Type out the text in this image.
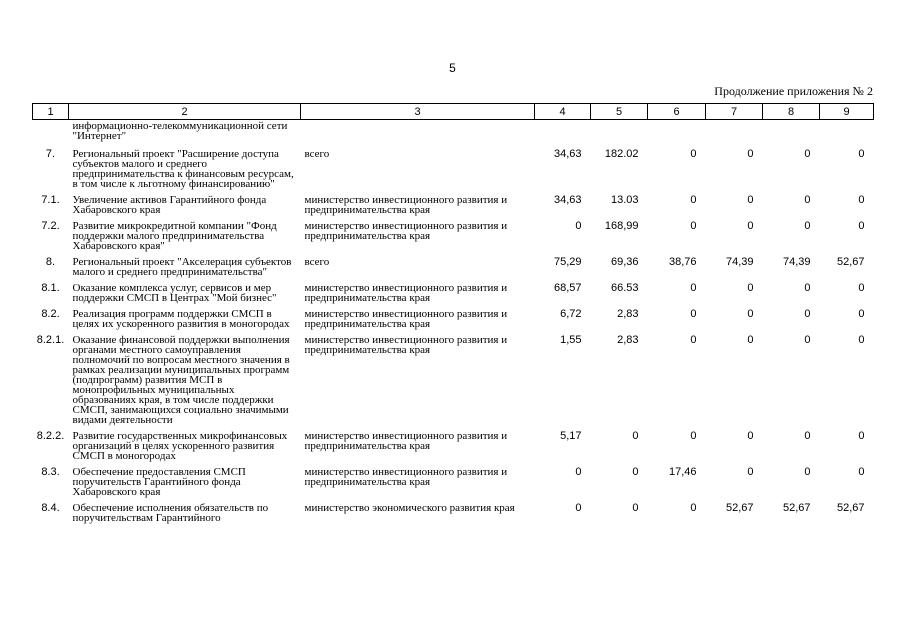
5
Продолжение приложения № 2
1	2	3	4	5	6	7	8	9
	информационно-телекоммуникационной сети "Интернет"							
7.	Региональный проект "Расширение доступа субъектов малого и среднего предпринимательства к финансовым ресурсам, в том числе к льготному финансированию"	всего	34,63	182.02	0	0	0	0
7.1.	Увеличение активов Гарантийного фонда Хабаровского края	министерство инвестиционного развития и предпринимательства края	34,63	13.03	0	0	0	0
7.2.	Развитие микрокредитной компании "Фонд поддержки малого предпринимательства Хабаровского края"	министерство инвестиционного развития и предпринимательства края	0	168,99	0	0	0	0
8.	Региональный проект "Акселерация субъектов малого и среднего предпринимательства"	всего	75,29	69,36	38,76	74,39	74,39	52,67
8.1.	Оказание комплекса услуг, сервисов и мер поддержки СМСП в Центрах "Мой бизнес"	министерство инвестиционного развития и предпринимательства края	68,57	66.53	0	0	0	0
8.2.	Реализация программ поддержки СМСП в целях их ускоренного развития в моногородах	министерство инвестиционного развития и предпринимательства края	6,72	2,83	0	0	0	0
8.2.1.	Оказание финансовой поддержки выполнения органами местного самоуправления полномочий по вопросам местного значения в рамках реализации муниципальных программ (подпрограмм) развития МСП в монопрофильных муниципальных образованиях края, в том числе поддержки СМСП, занимающихся социально значимыми видами деятельности	министерство инвестиционного развития и предпринимательства края	1,55	2,83	0	0	0	0
8.2.2.	Развитие государственных микрофинансовых организаций в целях ускоренного развития СМСП в моногородах	министерство инвестиционного развития и предпринимательства края	5,17	0	0	0	0	0
8.3.	Обеспечение предоставления СМСП поручительств Гарантийного фонда Хабаровского края	министерство инвестиционного развития и предпринимательства края	0	0	17,46	0	0	0
8.4.	Обеспечение исполнения обязательств по поручительствам Гарантийного	министерство экономического развития края	0	0	0	52,67	52,67	52,67
